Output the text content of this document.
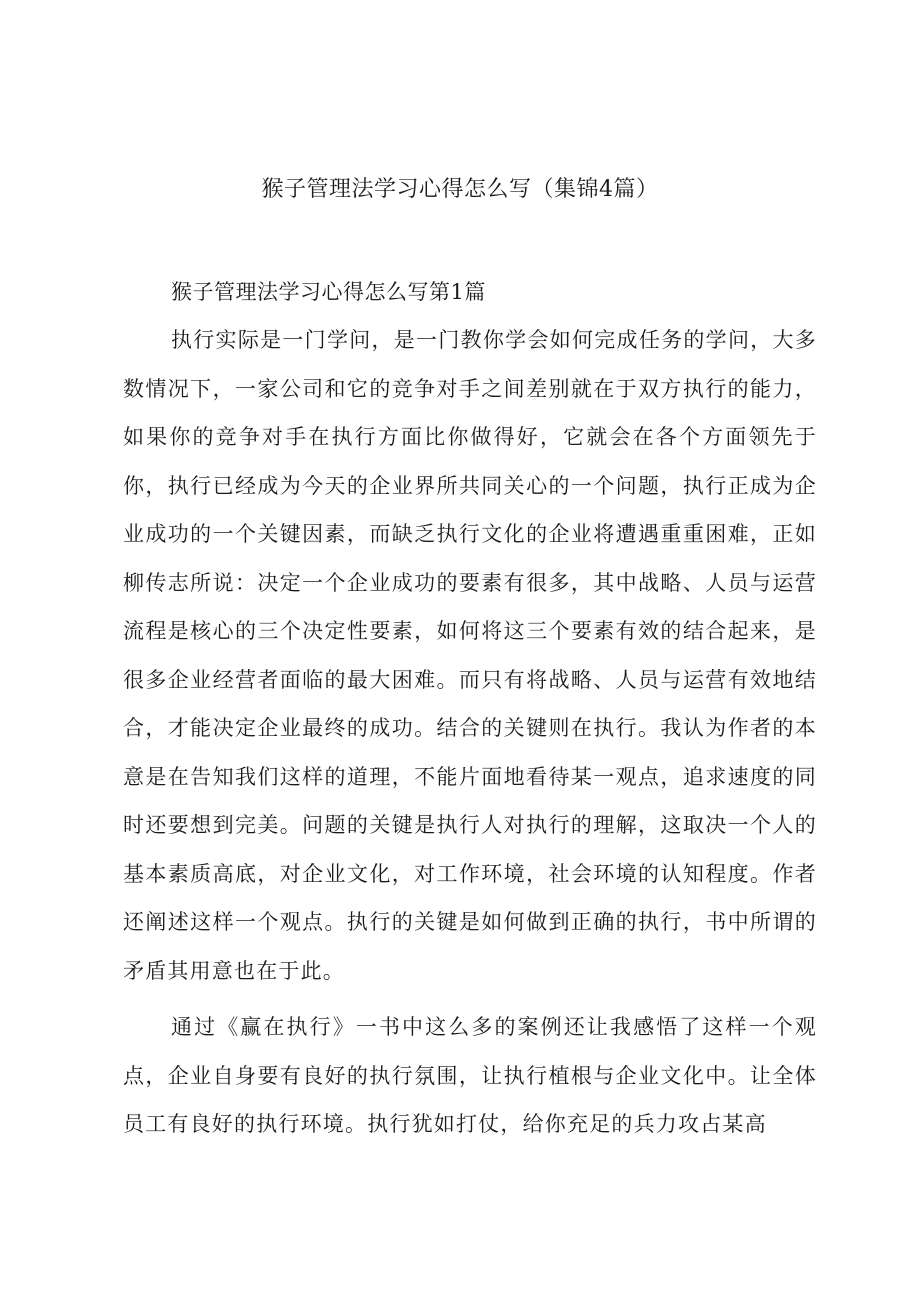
猴子管理法学习心得怎么写（集锦4篇）
猴子管理法学习心得怎么写第1篇

执行实际是一门学问，是一门教你学会如何完成任务的学问，大多数情况下，一家公司和它的竞争对手之间差别就在于双方执行的能力，如果你的竞争对手在执行方面比你做得好，它就会在各个方面领先于你，执行已经成为今天的企业界所共同关心的一个问题，执行正成为企业成功的一个关键因素，而缺乏执行文化的企业将遭遇重重困难，正如柳传志所说：决定一个企业成功的要素有很多，其中战略、人员与运营流程是核心的三个决定性要素，如何将这三个要素有效的结合起来，是很多企业经营者面临的最大困难。而只有将战略、人员与运营有效地结合，才能决定企业最终的成功。结合的关键则在执行。我认为作者的本意是在告知我们这样的道理，不能片面地看待某一观点，追求速度的同时还要想到完美。问题的关键是执行人对执行的理解，这取决一个人的基本素质高底，对企业文化，对工作环境，社会环境的认知程度。作者还阐述这样一个观点。执行的关键是如何做到正确的执行，书中所谓的矛盾其用意也在于此。

通过《赢在执行》一书中这么多的案例还让我感悟了这样一个观点，企业自身要有良好的执行氛围，让执行植根与企业文化中。让全体员工有良好的执行环境。执行犹如打仗，给你充足的兵力攻占某高
